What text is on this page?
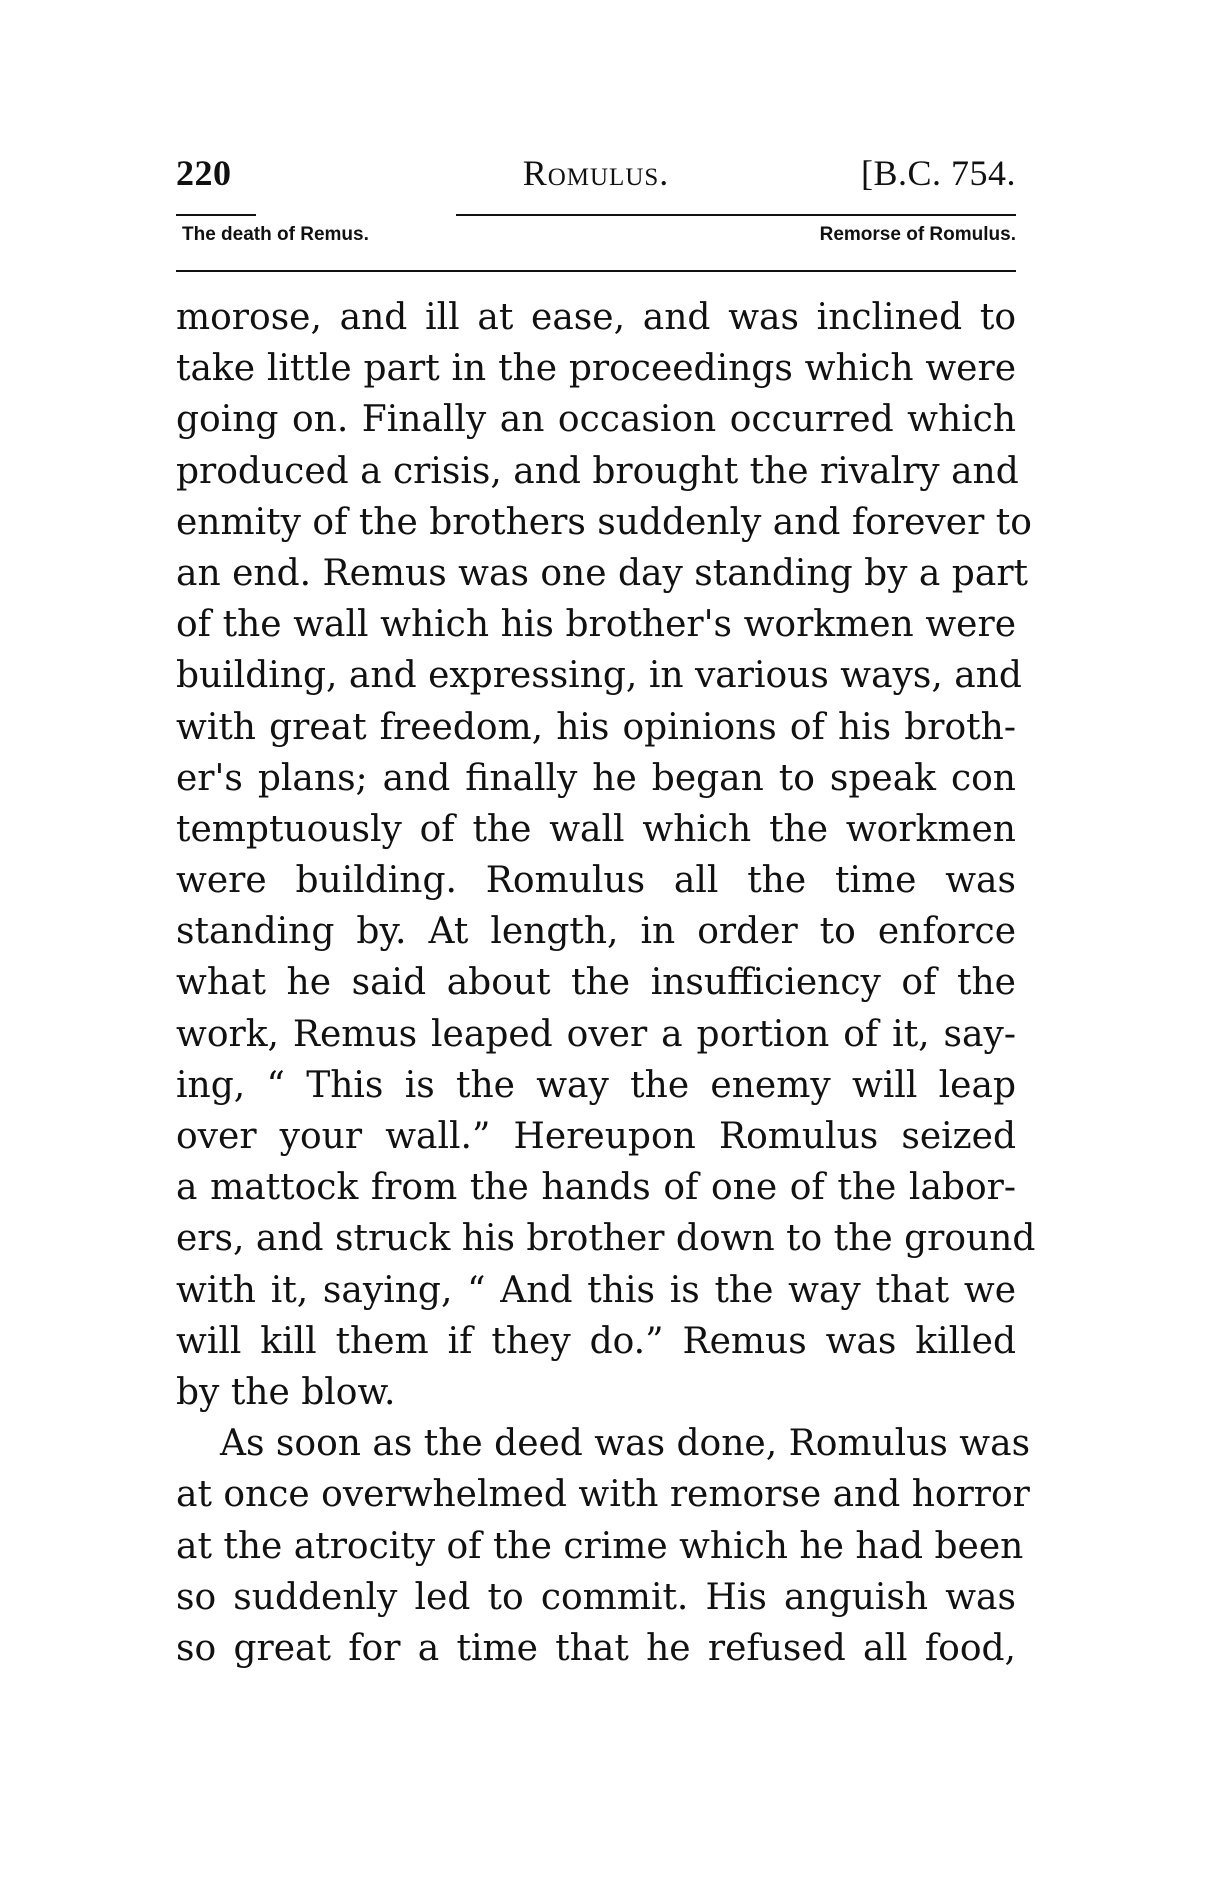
220	Romulus.	[B.C. 754.
The death of Remus.	Remorse of Romulus.
morose, and ill at ease, and was inclined to
take little part in the proceedings which were
going on. Finally an occasion occurred which
produced a crisis, and brought the rivalry and
enmity of the brothers suddenly and forever to
an end. Remus was one day standing by a part
of the wall which his brother's workmen were
building, and expressing, in various ways, and
with great freedom, his opinions of his broth-
er's plans; and finally he began to speak con
temptuously of the wall which the workmen
were building. Romulus all the time was
standing by. At length, in order to enforce
what he said about the insufficiency of the
work, Remus leaped over a portion of it, say-
ing, “ This is the way the enemy will leap
over your wall.” Hereupon Romulus seized
a mattock from the hands of one of the labor-
ers, and struck his brother down to the ground
with it, saying, “ And this is the way that we
will kill them if they do.” Remus was killed
by the blow.
As soon as the deed was done, Romulus was
at once overwhelmed with remorse and horror
at the atrocity of the crime which he had been
so suddenly led to commit. His anguish was
so great for a time that he refused all food,
